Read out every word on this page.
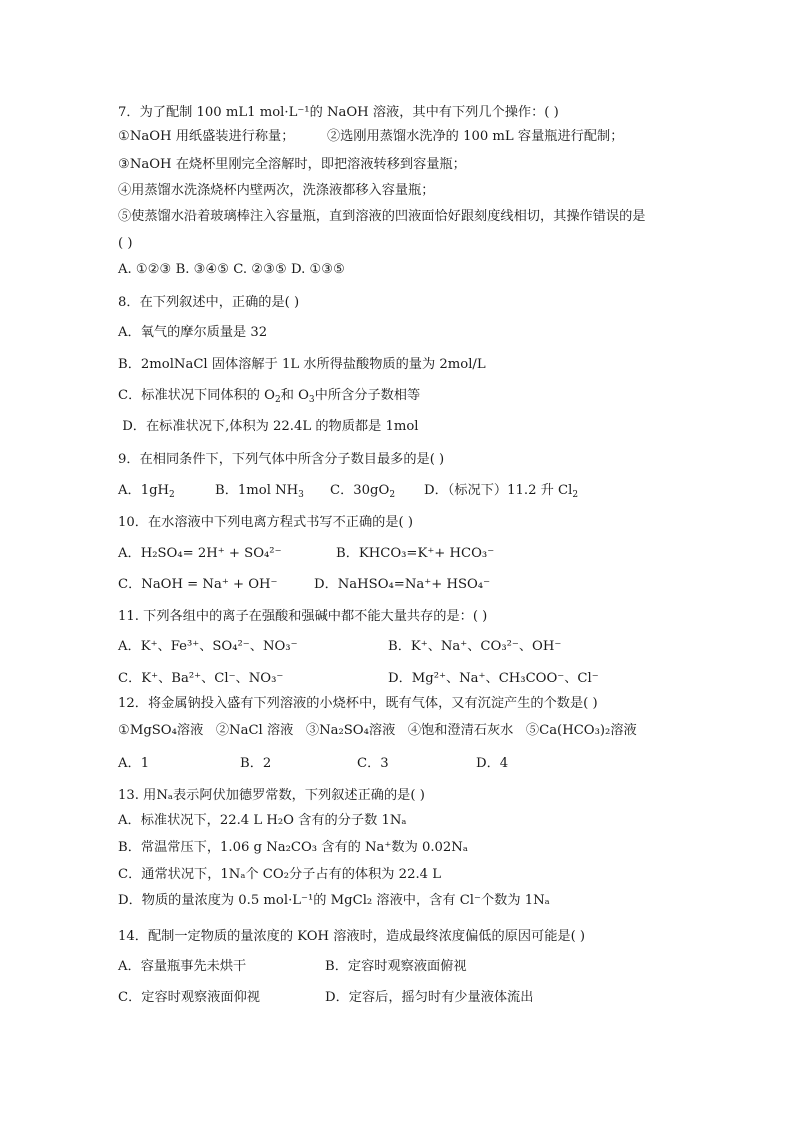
7．为了配制 100 mL1 mol·L⁻¹的 NaOH 溶液，其中有下列几个操作：( )
①NaOH 用纸盛装进行称量； ②选刚用蒸馏水洗净的 100 mL 容量瓶进行配制；
③NaOH 在烧杯里刚完全溶解时，即把溶液转移到容量瓶；
④用蒸馏水洗涤烧杯内壁两次，洗涤液都移入容量瓶；
⑤使蒸馏水沿着玻璃棒注入容量瓶，直到溶液的凹液面恰好跟刻度线相切，其操作错误的是
( )
A. ①②③ B. ③④⑤ C. ②③⑤ D. ①③⑤
8．在下列叙述中，正确的是( )
A．氧气的摩尔质量是 32
B．2molNaCl 固体溶解于 1L 水所得盐酸物质的量为 2mol/L
C．标准状况下同体积的 $O_2$和 $O_3$中所含分子数相等
D．在标准状况下,体积为 22.4L 的物质都是 1mol
9．在相同条件下，下列气体中所含分子数目最多的是( )
A．$1gH_2$	B．1mol $NH_3$ C．$30gO_2$ D．（标况下）11.2 升 $Cl_2$
10．在水溶液中下列电离方程式书写不正确的是( )
A．H₂SO₄= 2H⁺ + SO₄²⁻	B．KHCO₃=K⁺+ HCO₃⁻
C．NaOH = Na⁺ + OH⁻	D．NaHSO₄=Na⁺+ HSO₄⁻
11. 下列各组中的离子在强酸和强碱中都不能大量共存的是：( )
A．K⁺、Fe³⁺、SO₄²⁻、NO₃⁻	B．K⁺、Na⁺、CO₃²⁻、OH⁻
C．K⁺、Ba²⁺、Cl⁻、NO₃⁻	D．Mg²⁺、Na⁺、CH₃COO⁻、Cl⁻
12．将金属钠投入盛有下列溶液的小烧杯中，既有气体，又有沉淀产生的个数是( )
①MgSO₄溶液   ②NaCl 溶液   ③Na₂SO₄溶液   ④饱和澄清石灰水   ⑤Ca(HCO₃)₂溶液
A．1	B．2	C．3	D．4
13. 用Nₐ表示阿伏加德罗常数，下列叙述正确的是( )
A．标准状况下，22.4 L H₂O 含有的分子数 1Nₐ
B．常温常压下，1.06 g Na₂CO₃ 含有的 Na⁺数为 0.02Nₐ
C．通常状况下，1Nₐ个 CO₂分子占有的体积为 22.4 L
D．物质的量浓度为 0.5 mol·L⁻¹的 MgCl₂ 溶液中，含有 Cl⁻个数为 1Nₐ
14．配制一定物质的量浓度的 KOH 溶液时，造成最终浓度偏低的原因可能是( )
A．容量瓶事先未烘干	B．定容时观察液面俯视
C．定容时观察液面仰视	D．定容后，摇匀时有少量液体流出
